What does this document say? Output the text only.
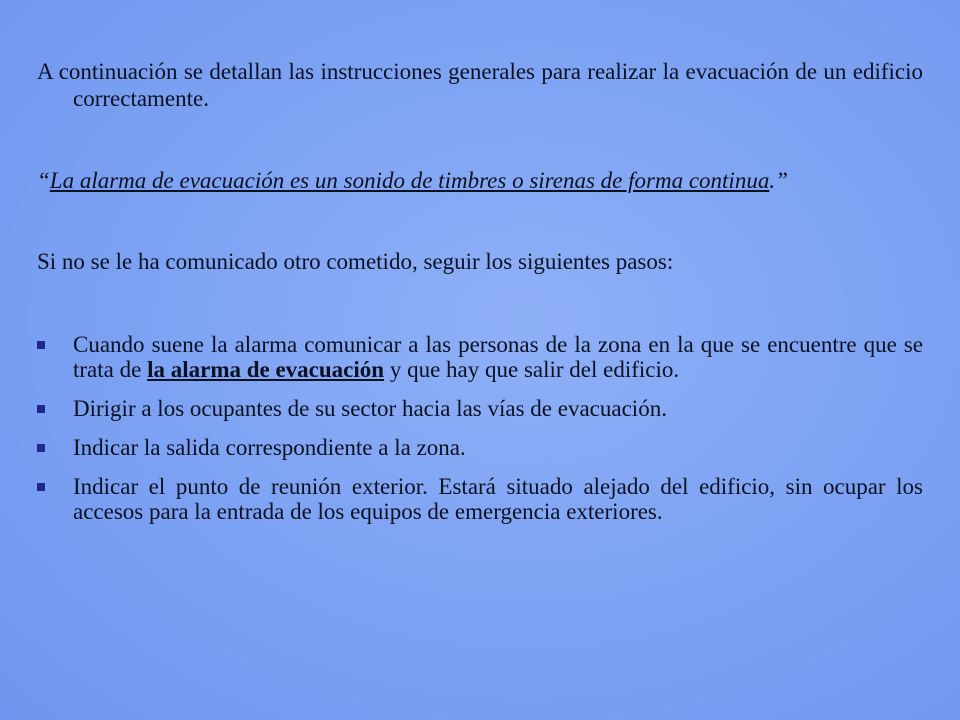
A continuación se detallan las instrucciones generales para realizar la evacuación de un edificio correctamente.

“La alarma de evacuación es un sonido de timbres o sirenas de forma continua.”

Si no se le ha comunicado otro cometido, seguir los siguientes pasos:

Cuando suene la alarma comunicar a las personas de la zona en la que se encuentre que se trata de la alarma de evacuación y que hay que salir del edificio.
Dirigir a los ocupantes de su sector hacia las vías de evacuación.
Indicar la salida correspondiente a la zona.
Indicar el punto de reunión exterior. Estará situado alejado del edificio, sin ocupar los accesos para la entrada de los equipos de emergencia exteriores.
